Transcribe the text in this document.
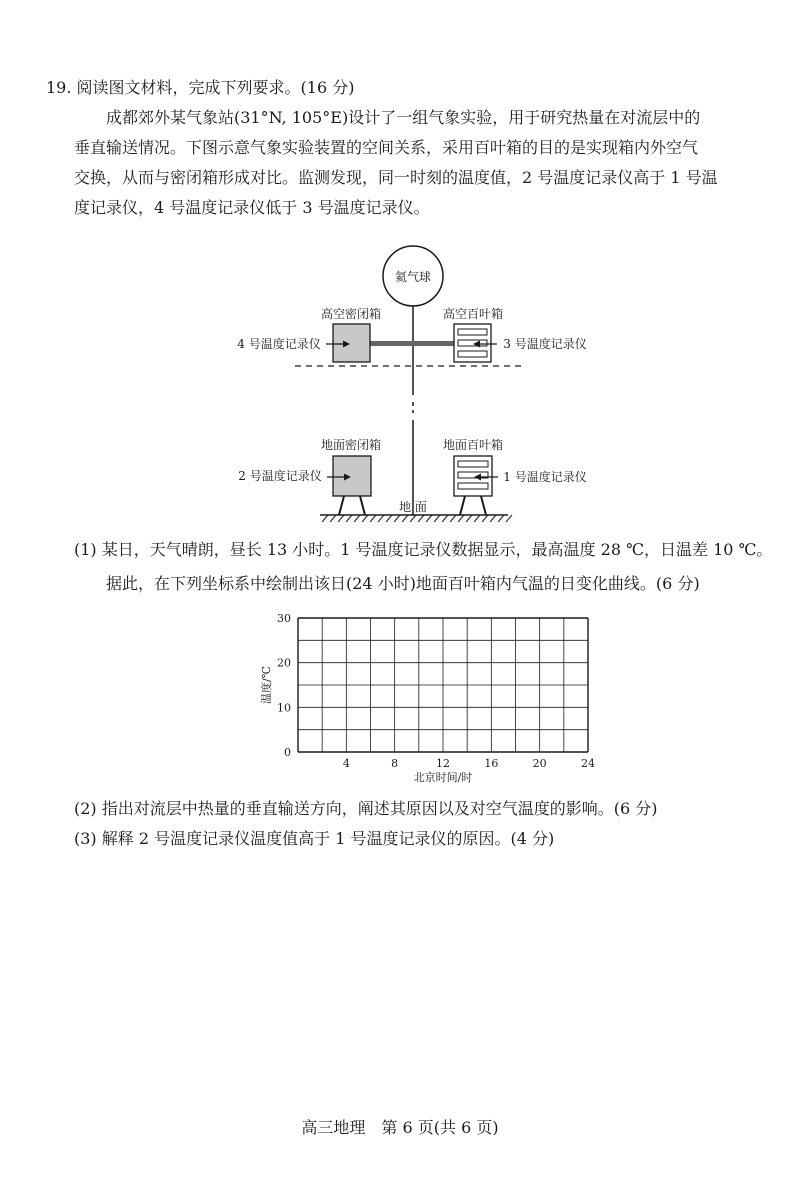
19. 阅读图文材料，完成下列要求。(16 分)
成都郊外某气象站(31°N, 105°E)设计了一组气象实验，用于研究热量在对流层中的
垂直输送情况。下图示意气象实验装置的空间关系，采用百叶箱的目的是实现箱内外空气
交换，从而与密闭箱形成对比。监测发现，同一时刻的温度值，2 号温度记录仪高于 1 号温
度记录仪，4 号温度记录仪低于 3 号温度记录仪。
氦气球
高空密闭箱
4 号温度记录仪
高空百叶箱
3 号温度记录仪
地面密闭箱
2 号温度记录仪
地面百叶箱
1 号温度记录仪
地 面
(1) 某日，天气晴朗，昼长 13 小时。1 号温度记录仪数据显示，最高温度 28 ℃，日温差 10 ℃。
据此，在下列坐标系中绘制出该日(24 小时)地面百叶箱内气温的日变化曲线。(6 分)
4	8	12	16	20	24
0
10
20
30
北京时间/时
温度/℃
(2) 指出对流层中热量的垂直输送方向，阐述其原因以及对空气温度的影响。(6 分)
(3) 解释 2 号温度记录仪温度值高于 1 号温度记录仪的原因。(4 分)
高三地理　第 6 页(共 6 页)
